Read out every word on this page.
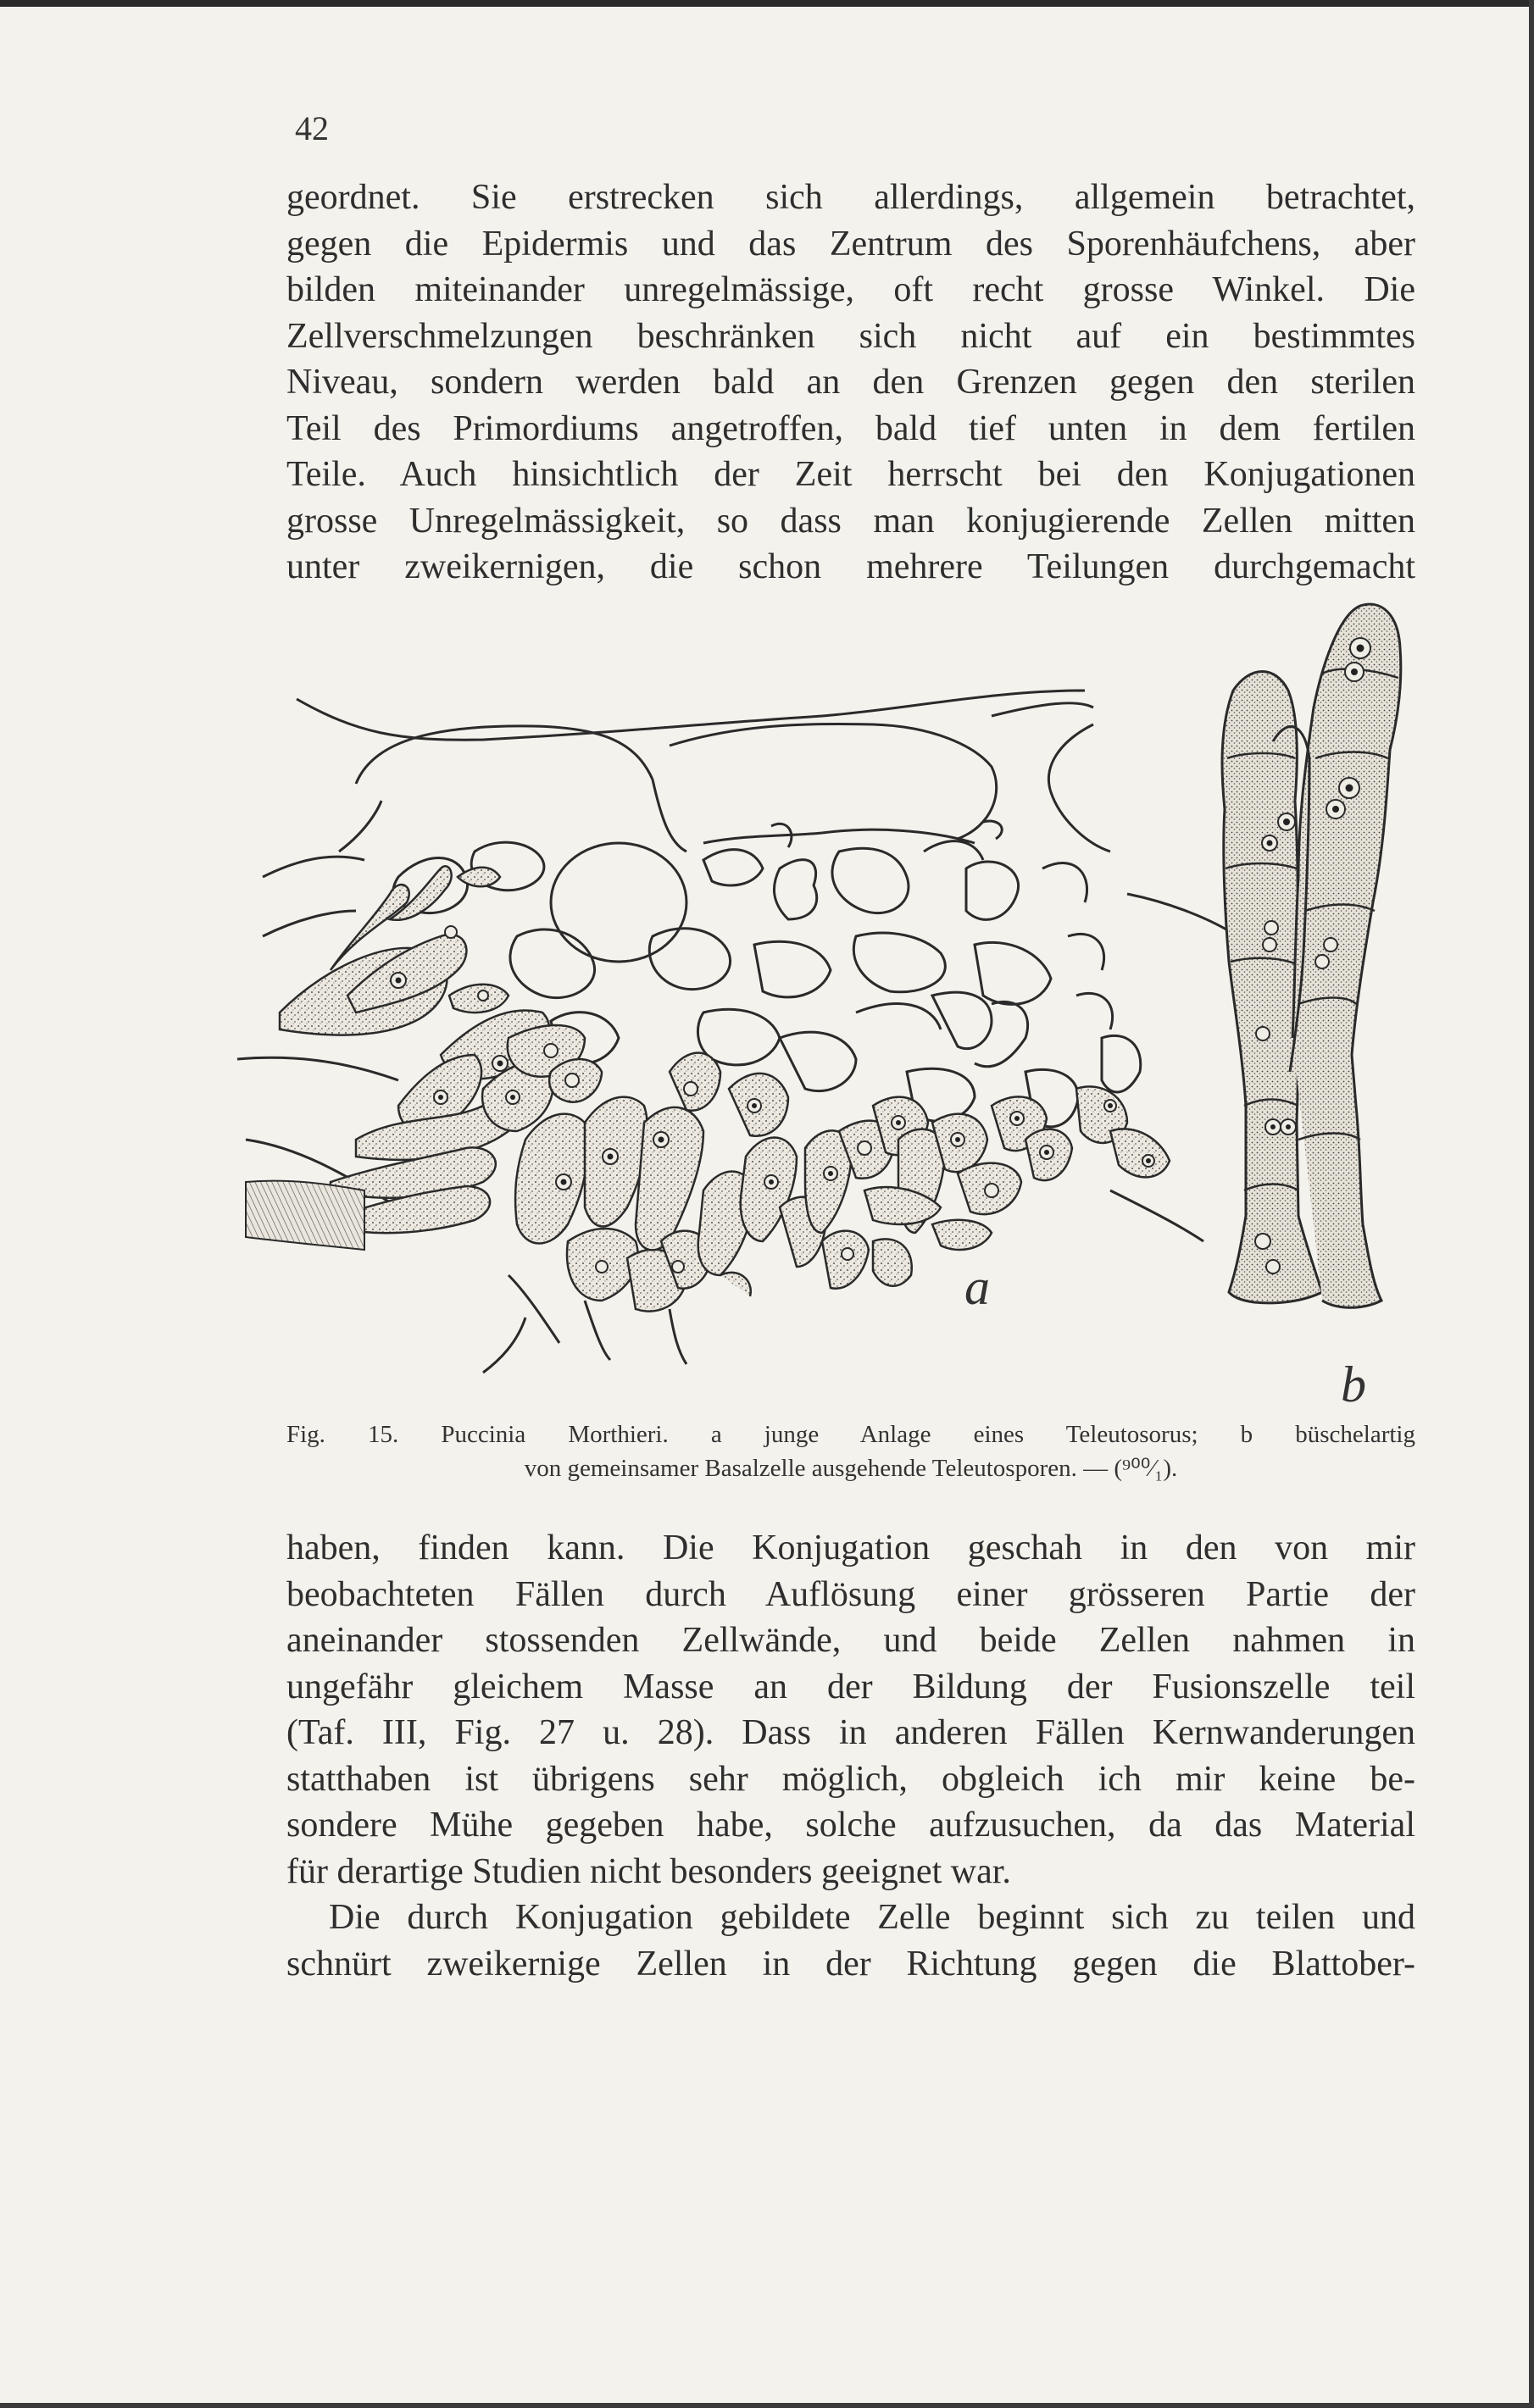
42
geordnet. Sie erstrecken sich allerdings, allgemein betrachtet,
gegen die Epidermis und das Zentrum des Sporenhäufchens, aber
bilden miteinander unregelmässige, oft recht grosse Winkel. Die
Zellverschmelzungen beschränken sich nicht auf ein bestimmtes
Niveau, sondern werden bald an den Grenzen gegen den sterilen
Teil des Primordiums angetroffen, bald tief unten in dem fertilen
Teile. Auch hinsichtlich der Zeit herrscht bei den Konjugationen
grosse Unregelmässigkeit, so dass man konjugierende Zellen mitten
unter zweikernigen, die schon mehrere Teilungen durchgemacht
a
b
Fig. 15. Puccinia Morthieri. a junge Anlage eines Teleutosorus; b büschelartig
von gemeinsamer Basalzelle ausgehende Teleutosporen. — (⁹⁰⁰⁄₁).
haben, finden kann. Die Konjugation geschah in den von mir
beobachteten Fällen durch Auflösung einer grösseren Partie der
aneinander stossenden Zellwände, und beide Zellen nahmen in
ungefähr gleichem Masse an der Bildung der Fusionszelle teil
(Taf. III, Fig. 27 u. 28). Dass in anderen Fällen Kernwanderungen
statthaben ist übrigens sehr möglich, obgleich ich mir keine be-
sondere Mühe gegeben habe, solche aufzusuchen, da das Material
für derartige Studien nicht besonders geeignet war.
Die durch Konjugation gebildete Zelle beginnt sich zu teilen und
schnürt zweikernige Zellen in der Richtung gegen die Blattober-
